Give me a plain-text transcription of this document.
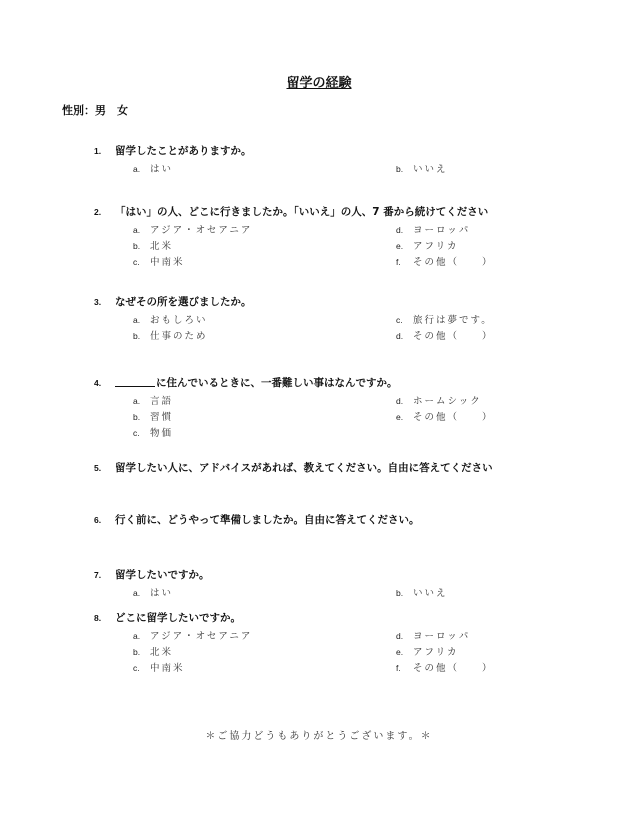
留学の経験
性別：男　女
1. 留学したことがありますか。
a. はい	b. いいえ
2. 「はい」の人、どこに行きましたか。「いいえ」の人、7 番から続けてください
a. アジア・オセアニア
b. 北米
c. 中南米
d. ヨーロッパ
e. アフリカ
f. その他（　　）
3. なぜその所を選びましたか。
a. おもしろい
b. 仕事のため
c. 旅行は夢です。
d. その他（　　）
4.	に住んでいるときに、一番難しい事はなんですか。
a. 言語
b. 習慣
c. 物価
d. ホームシック
e. その他（　　）
5. 留学したい人に、アドバイスがあれば、教えてください。自由に答えてください
6. 行く前に、どうやって準備しましたか。自由に答えてください。
7. 留学したいですか。
a. はい	b. いいえ
8. どこに留学したいですか。
a. アジア・オセアニア
b. 北米
c. 中南米
d. ヨーロッパ
e. アフリカ
f. その他（　　）
＊ご協力どうもありがとうございます。＊
